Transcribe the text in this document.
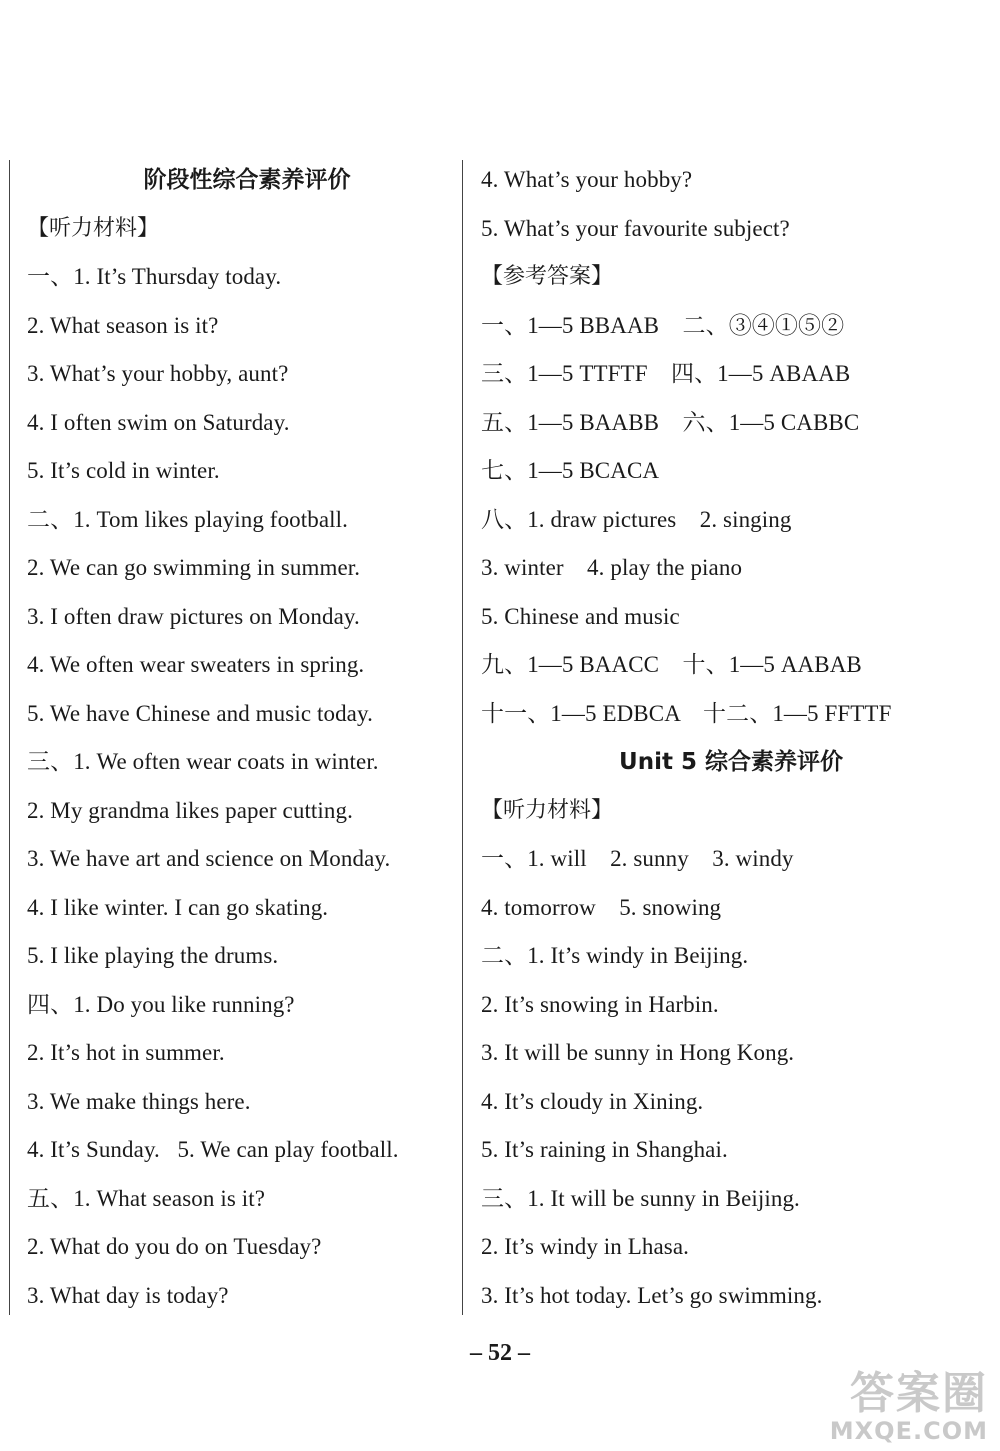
阶段性综合素养评价
【听力材料】
一、1. It’s Thursday today.
2. What season is it?
3. What’s your hobby, aunt?
4. I often swim on Saturday.
5. It’s cold in winter.
二、1. Tom likes playing football.
2. We can go swimming in summer.
3. I often draw pictures on Monday.
4. We often wear sweaters in spring.
5. We have Chinese and music today.
三、1. We often wear coats in winter.
2. My grandma likes paper cutting.
3. We have art and science on Monday.
4. I like winter. I can go skating.
5. I like playing the drums.
四、1. Do you like running?
2. It’s hot in summer.
3. We make things here.
4. It’s Sunday.   5. We can play football.
五、1. What season is it?
2. What do you do on Tuesday?
3. What day is today?
4. What’s your hobby?
5. What’s your favourite subject?
【参考答案】
一、1—5 BBAAB    二、③④①⑤②
三、1—5 TTFTF    四、1—5 ABAAB
五、1—5 BAABB    六、1—5 CABBC
七、1—5 BCACA
八、1. draw pictures    2. singing
3. winter    4. play the piano
5. Chinese and music
九、1—5 BAACC    十、1—5 AABAB
十一、1—5 EDBCA    十二、1—5 FFTTF
Unit 5 综合素养评价
【听力材料】
一、1. will    2. sunny    3. windy
4. tomorrow    5. snowing
二、1. It’s windy in Beijing.
2. It’s snowing in Harbin.
3. It will be sunny in Hong Kong.
4. It’s cloudy in Xining.
5. It’s raining in Shanghai.
三、1. It will be sunny in Beijing.
2. It’s windy in Lhasa.
3. It’s hot today. Let’s go swimming.
– 52 –
答案圈
MXQE.COM
